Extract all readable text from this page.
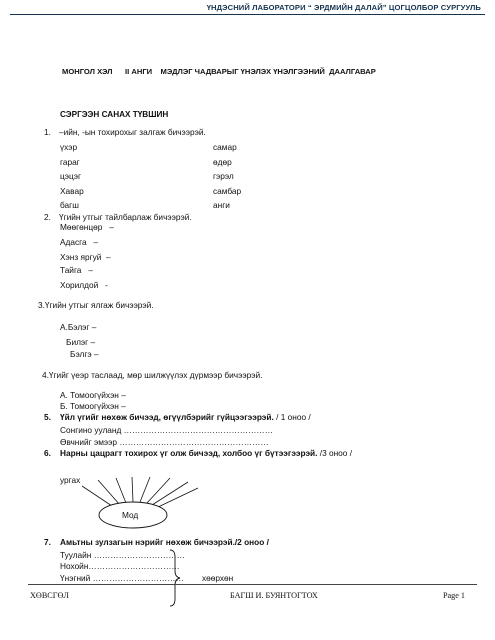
ҮНДЭСНИЙ ЛАБОРАТОРИ “ ЭРДМИЙН ДАЛАЙ” ЦОГЦОЛБОР СУРГУУЛЬ
МОНГОЛ ХЭЛ      II АНГИ    МЭДЛЭГ ЧАДВАРЫГ ҮНЭЛЭХ ҮНЭЛГЭЭНИЙ  ДААЛГАВАР
СЭРГЭЭН САНАХ ТҮВШИН
1. –ийн, -ын тохирохыг залгаж бичээрэй.
үхэр
гараг
цэцэг
Хавар
багш
самар
өдөр
гэрэл
самбар
анги
2. Үгийн утгыг тайлбарлаж бичээрэй.
Мөөгөнцөр   –
Адасга   –
Хэнз яргуй  –
Тайга   –
Хорилдой   -
3.Үгийн утгыг ялгаж бичээрэй.
А.Бэлэг –
Билэг –
Бэлгэ –
4.Үгийг үеэр таслаад, мөр шилжүүлэх дүрмээр бичээрэй.
А. Томоогүйхэн –
Б. Томоогүйхэн –
5. Үйл үгийг нөхөж бичээд, өгүүлбэрийг гүйцээгээрэй. / 1 оноо /
Сонгино ууланд ………………………………………………
Өвчнийг эмээр ………………………………………………
6. Нарны цацрагт тохирох үг олж бичээд, холбоо үг бүтээгээрэй. /3 оноо /
ургах
Мод
7. Амьтны зулзагын нэрийг нөхөж бичээрэй./2 оноо /
Туулайн ……………………………
Нохойн……………………………
Үнэгний …………………………… хөөрхөн
ХӨВСГӨЛ	БАГШ И. БУЯНТОГТОХ	Page 1
